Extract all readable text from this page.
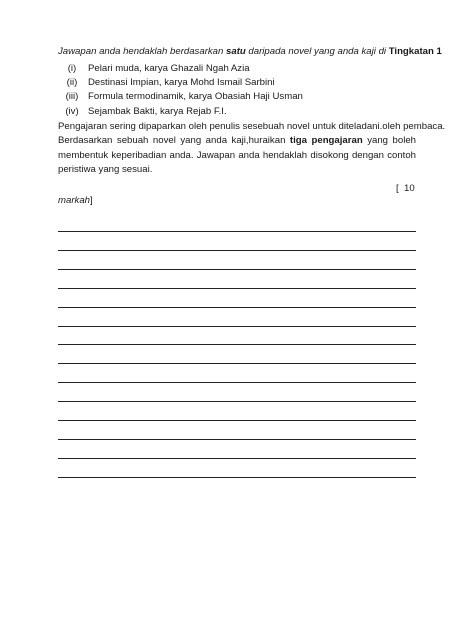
Jawapan anda hendaklah berdasarkan satu daripada novel yang anda kaji di Tingkatan 1
(i) Pelari muda, karya Ghazali Ngah Azia
(ii) Destinasi Impian, karya Mohd Ismail Sarbini
(iii) Formula termodinamik, karya Obasiah Haji Usman
(iv) Sejambak Bakti, karya Rejab F.I.
Pengajaran sering dipaparkan oleh penulis sesebuah novel untuk diteladani.oleh pembaca.
Berdasarkan sebuah novel yang anda kaji,huraikan tiga pengajaran yang boleh
membentuk keperibadian anda. Jawapan anda hendaklah disokong dengan contoh
peristiwa yang sesuai.
[  10
markah]
